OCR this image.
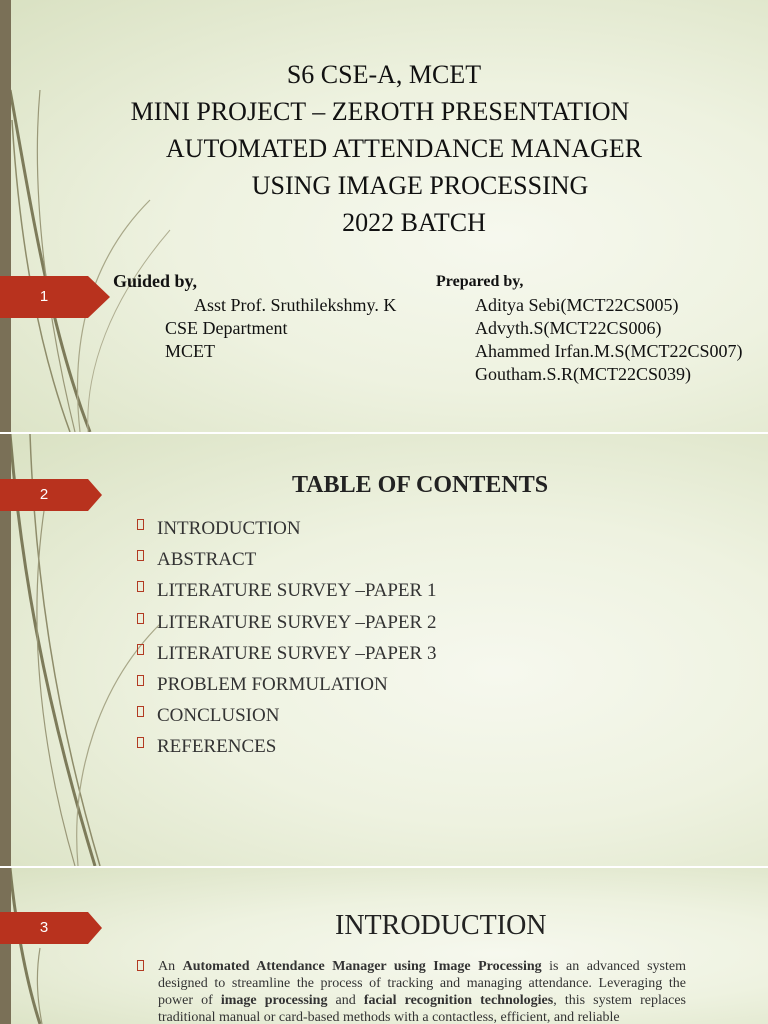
1
S6 CSE-A, MCET
MINI PROJECT – ZEROTH PRESENTATION
AUTOMATED ATTENDANCE MANAGER
USING IMAGE PROCESSING
2022 BATCH
Guided by,
Asst Prof. Sruthilekshmy. K
CSE Department
MCET
Prepared by,
Aditya Sebi(MCT22CS005)
Advyth.S(MCT22CS006)
Ahammed Irfan.M.S(MCT22CS007)
Goutham.S.R(MCT22CS039)
2	TABLE OF CONTENTS
INTRODUCTION
ABSTRACT
LITERATURE SURVEY –PAPER 1
LITERATURE SURVEY –PAPER 2
LITERATURE SURVEY –PAPER 3
PROBLEM FORMULATION
CONCLUSION
REFERENCES
3	INTRODUCTION
An Automated Attendance Manager using Image Processing is an advanced system designed to streamline the process of tracking and managing attendance. Leveraging the power of image processing and facial recognition technologies, this system replaces traditional manual or card-based methods with a contactless, efficient, and reliable
